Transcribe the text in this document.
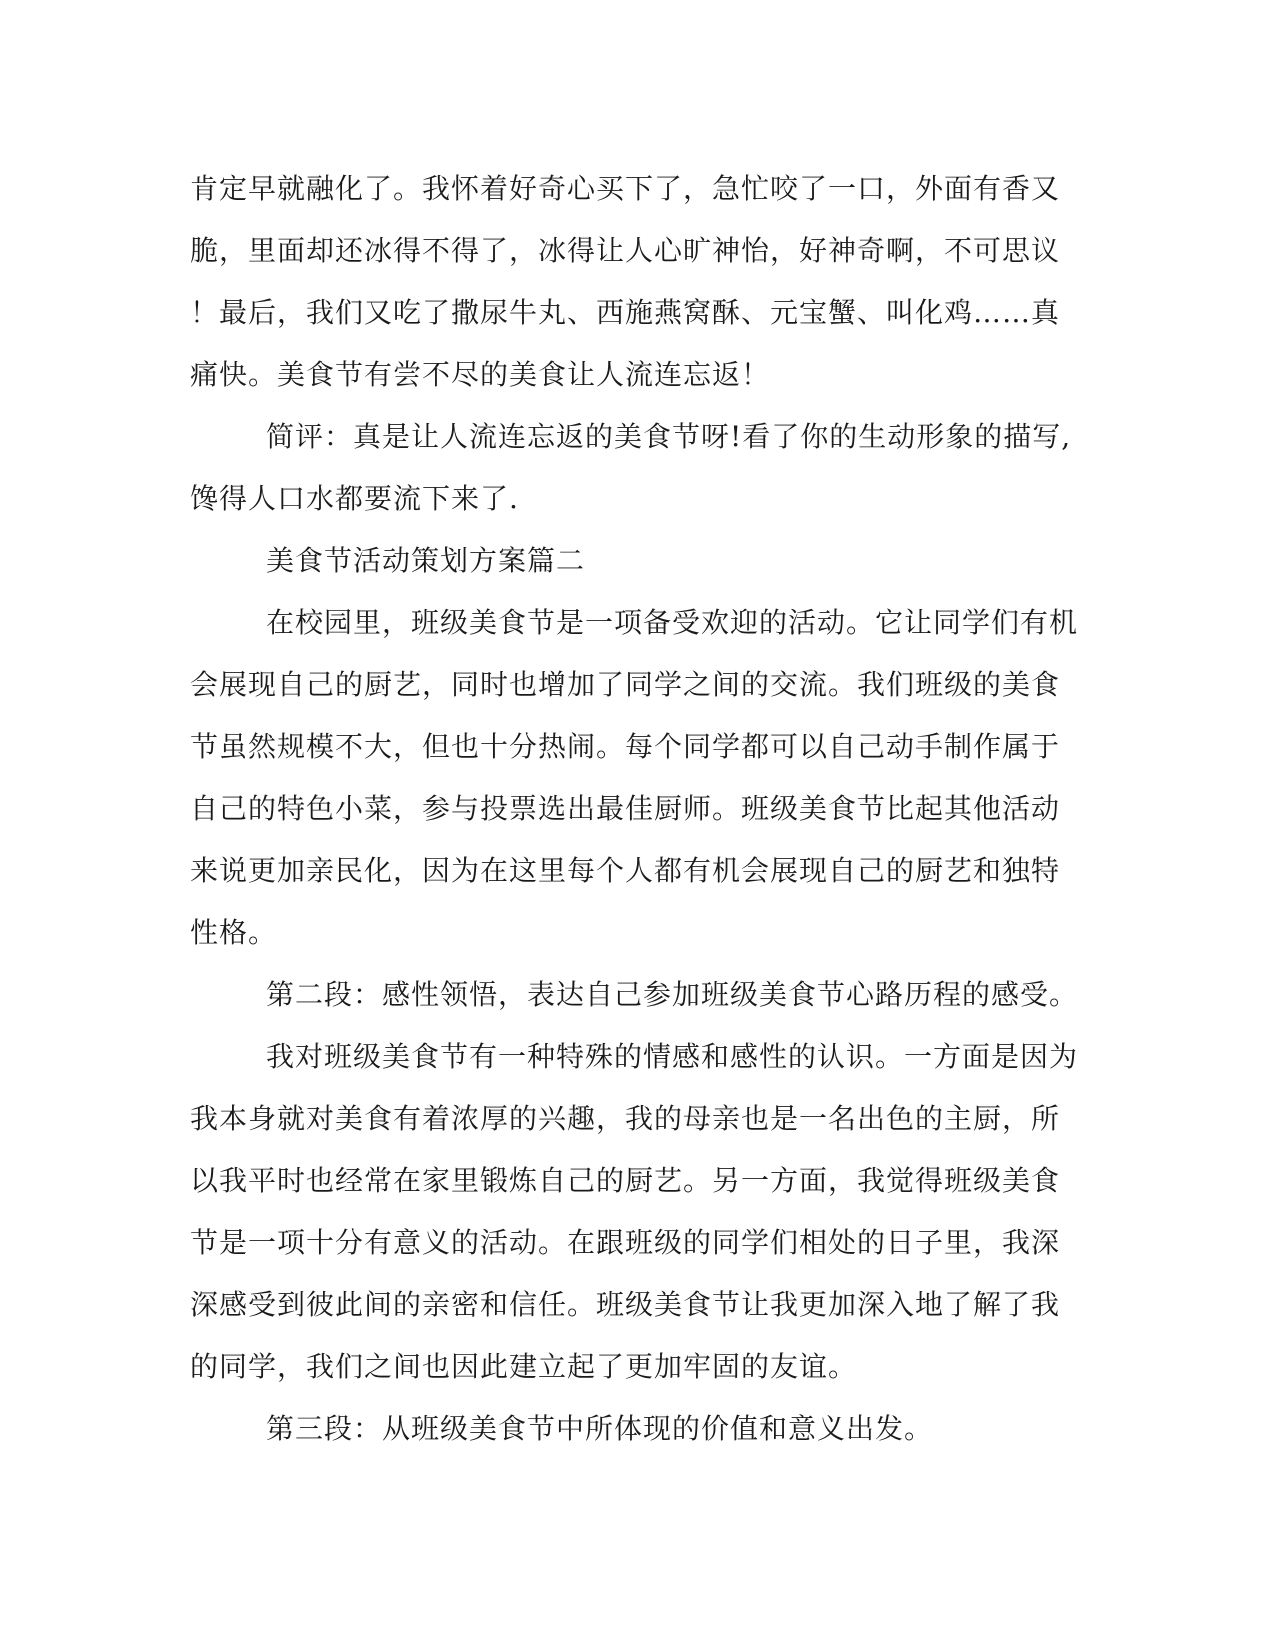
肯定早就融化了。我怀着好奇心买下了，急忙咬了一口，外面有香又
脆，里面却还冰得不得了，冰得让人心旷神怡，好神奇啊，不可思议
！最后，我们又吃了撒尿牛丸、西施燕窝酥、元宝蟹、叫化鸡……真
痛快。美食节有尝不尽的美食让人流连忘返！
简评：真是让人流连忘返的美食节呀!看了你的生动形象的描写,
馋得人口水都要流下来了.
美食节活动策划方案篇二
在校园里，班级美食节是一项备受欢迎的活动。它让同学们有机
会展现自己的厨艺，同时也增加了同学之间的交流。我们班级的美食
节虽然规模不大，但也十分热闹。每个同学都可以自己动手制作属于
自己的特色小菜，参与投票选出最佳厨师。班级美食节比起其他活动
来说更加亲民化，因为在这里每个人都有机会展现自己的厨艺和独特
性格。
第二段：感性领悟，表达自己参加班级美食节心路历程的感受。
我对班级美食节有一种特殊的情感和感性的认识。一方面是因为
我本身就对美食有着浓厚的兴趣，我的母亲也是一名出色的主厨，所
以我平时也经常在家里锻炼自己的厨艺。另一方面，我觉得班级美食
节是一项十分有意义的活动。在跟班级的同学们相处的日子里，我深
深感受到彼此间的亲密和信任。班级美食节让我更加深入地了解了我
的同学，我们之间也因此建立起了更加牢固的友谊。
第三段：从班级美食节中所体现的价值和意义出发。
